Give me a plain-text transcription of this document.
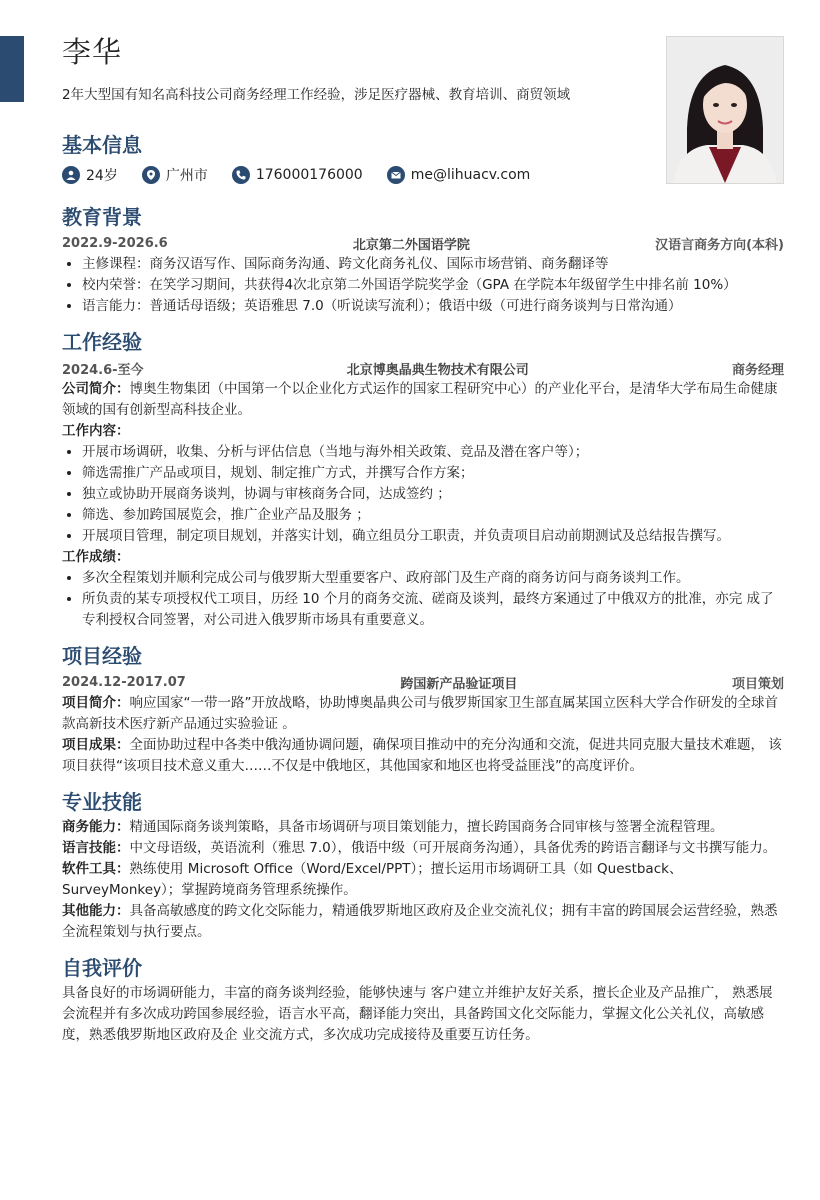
李华
2年大型国有知名高科技公司商务经理工作经验，涉足医疗器械、教育培训、商贸领域
基本信息
24岁	广州市	17600017600​0	me@lihuacv.com
教育背景
2022.9-2026.6	北京第二外国语学院	汉语言商务方向(本科)
• 主修课程：商务汉语写作、国际商务沟通、跨文化商务礼仪、国际市场营销、商务翻译等
• 校内荣誉：在笑学习期间，共获得4次北京第二外国语学院奖学金（GPA 在学院本年级留学生中排名前 10%）
• 语言能力：普通话母语级；英语雅思 7.0（听说读写流利）；俄语中级（可进行商务谈判与日常沟通）
工作经验
2024.6-至今	北京博奥晶典生物技术有限公司	商务经理

公司简介：博奥生物集团（中国第一个以企业化方式运作的国家工程研究中心）的产业化平台，是清华大学布局生命健康领域的国有创新型高科技企业。

工作内容：
• 开展市场调研，收集、分析与评估信息（当地与海外相关政策、竞品及潜在客户等）；
• 筛选需推广产品或项目，规划、制定推广方式，并撰写合作方案；
• 独立或协助开展商务谈判，协调与审核商务合同，达成签约 ；
• 筛选、参加跨国展览会，推广企业产品及服务 ；
• 开展项目管理，制定项目规划，并落实计划，确立组员分工职责，并负责项目启动前期测试及总结报告撰写。
工作成绩：
• 多次全程策划并顺利完成公司与俄罗斯大型重要客户、政府部门及生产商的商务访问与商务谈判工作。
• 所负责的某专项授权代工项目，历经 10 个月的商务交流、磋商及谈判，最终方案通过了中俄双方的批准，亦完 成了专利授权合同签署，对公司进入俄罗斯市场具有重要意义。
项目经验
2024.12-2017.07	跨国新产品验证项目	项目策划

项目简介：响应国家“一带一路”开放战略，协助博奥晶典公司与俄罗斯国家卫生部直属某国立医科大学合作研发的全球首款高新技术医疗新产品通过实验验证 。

项目成果：全面协助过程中各类中俄沟通协调问题，确保项目推动中的充分沟通和交流，促进共同克服大量技术难题， 该项目获得“该项目技术意义重大……不仅是中俄地区，其他国家和地区也将受益匪浅”的高度评价。

专业技能

商务能力：精通国际商务谈判策略，具备市场调研与项目策划能力，擅长跨国商务合同审核与签署全流程管理。

语言技能：中文母语级，英语流利（雅思 7.0），俄语中级（可开展商务沟通），具备优秀的跨语言翻译与文书撰写能力。

软件工具：熟练使用 Microsoft Office（Word/Excel/PPT）；擅长运用市场调研工具（如 Questback、SurveyMonkey）；掌握跨境商务管理系统操作。

其他能力：具备高敏感度的跨文化交际能力，精通俄罗斯地区政府及企业交流礼仪；拥有丰富的跨国展会运营经验，熟悉全流程策划与执行要点。

自我评价

具备良好的市场调研能力，丰富的商务谈判经验，能够快速与 客户建立并维护友好关系，擅长企业及产品推广， 熟悉展会流程并有多次成功跨国参展经验，语言水平高，翻译能力突出，具备跨国文化交际能力，掌握文化公关礼仪，高敏感度，熟悉俄罗斯地区政府及企 业交流方式，多次成功完成接待及重要互访任务。
